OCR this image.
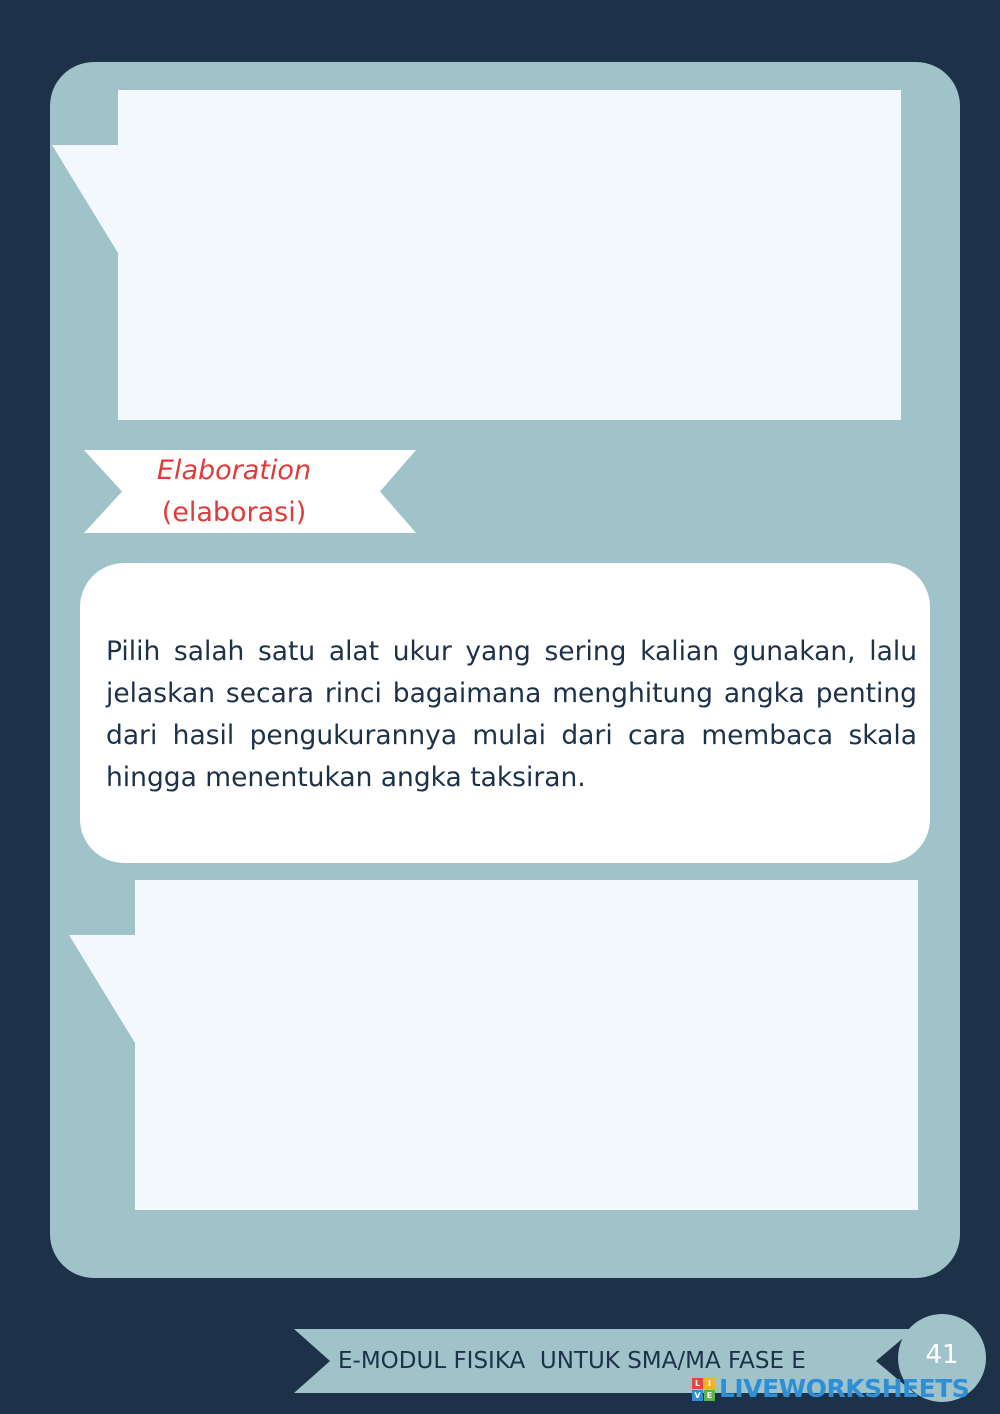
Elaboration
(elaborasi)

Pilih salah satu alat ukur yang sering kalian gunakan, lalu jelaskan secara rinci bagaimana menghitung angka penting dari hasil pengukurannya mulai dari cara membaca skala hingga menentukan angka taksiran.

E-MODUL FISIKA  UNTUK SMA/MA FASE E	41
L I
V E LIVEWORKSHEETS
